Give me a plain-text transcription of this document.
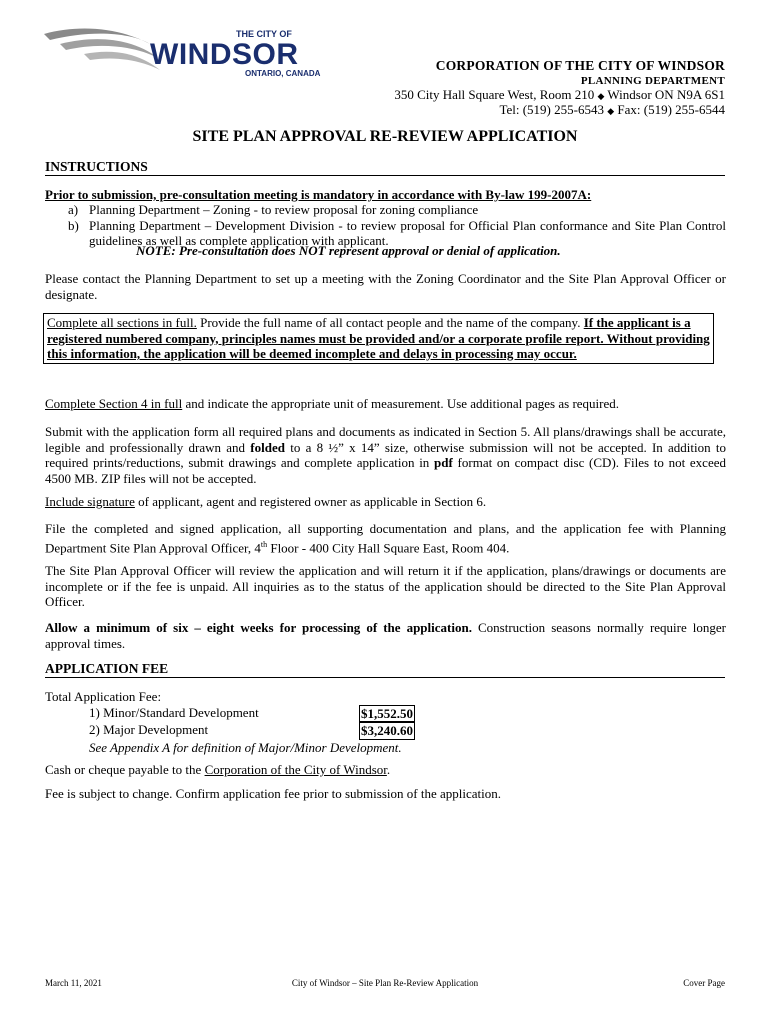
THE CITY OF
WINDSOR
ONTARIO, CANADA
CORPORATION OF THE CITY OF WINDSOR
PLANNING DEPARTMENT
350 City Hall Square West, Room 210 ◆ Windsor ON N9A 6S1
Tel: (519) 255-6543 ◆ Fax: (519) 255-6544
SITE PLAN APPROVAL RE-REVIEW APPLICATION
INSTRUCTIONS
Prior to submission, pre-consultation meeting is mandatory in accordance with By-law 199-2007A:
a) Planning Department – Zoning - to review proposal for zoning compliance
b) Planning Department – Development Division - to review proposal for Official Plan conformance and Site Plan Control guidelines as well as complete application with applicant.
NOTE: Pre-consultation does NOT represent approval or denial of application.
Please contact the Planning Department to set up a meeting with the Zoning Coordinator and the Site Plan Approval Officer or designate.
Complete all sections in full. Provide the full name of all contact people and the name of the company. If the applicant is a registered numbered company, principles names must be provided and/or a corporate profile report. Without providing this information, the application will be deemed incomplete and delays in processing may occur.
Complete Section 4 in full and indicate the appropriate unit of measurement. Use additional pages as required.
Submit with the application form all required plans and documents as indicated in Section 5. All plans/drawings shall be accurate, legible and professionally drawn and folded to a 8 ½” x 14” size, otherwise submission will not be accepted. In addition to required prints/reductions, submit drawings and complete application in pdf format on compact disc (CD). Files to not exceed 4500 MB. ZIP files will not be accepted.
Include signature of applicant, agent and registered owner as applicable in Section 6.
File the completed and signed application, all supporting documentation and plans, and the application fee with Planning Department Site Plan Approval Officer, 4th Floor - 400 City Hall Square East, Room 404.
The Site Plan Approval Officer will review the application and will return it if the application, plans/drawings or documents are incomplete or if the fee is unpaid. All inquiries as to the status of the application should be directed to the Site Plan Approval Officer.
Allow a minimum of six – eight weeks for processing of the application. Construction seasons normally require longer approval times.
APPLICATION FEE
Total Application Fee:
1) Minor/Standard Development	$1,552.50
2) Major Development	$3,240.60
See Appendix A for definition of Major/Minor Development.
Cash or cheque payable to the Corporation of the City of Windsor.
Fee is subject to change. Confirm application fee prior to submission of the application.
March 11, 2021	City of Windsor – Site Plan Re-Review Application	Cover Page
